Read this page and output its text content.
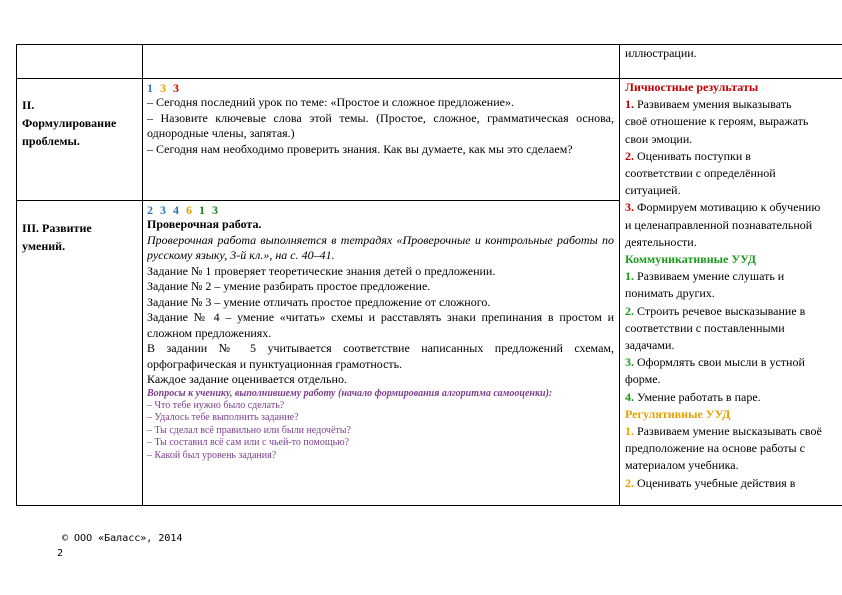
иллюстрации.

II.
Формулирование
проблемы.
1 3 3

– Сегодня последний урок по теме: «Простое и сложное предложение».

– Назовите ключевые слова этой темы. (Простое, сложное, грамматическая основа, однородные члены, запятая.)

– Сегодня нам необходимо проверить знания. Как вы думаете, как мы это сделаем?

Личностные результаты

1. Развиваем умения выказывать

своё отношение к героям, выражать

свои эмоции.

2. Оценивать поступки в

соответствии с определённой

ситуацией.

3. Формируем мотивацию к обучению

и целенаправленной познавательной

деятельности.

Коммуникативные УУД

1. Развиваем умение слушать и

понимать других.

2. Строить речевое высказывание в

соответствии с поставленными

задачами.

3. Оформлять свои мысли в устной

форме.

4. Умение работать в паре.

Регулятивные УУД

1. Развиваем умение высказывать своё

предположение на основе работы с

материалом учебника.

2. Оценивать учебные действия в

III. Развитие
умений.
2 3 4 6 1 3

Проверочная работа.

Проверочная работа выполняется в тетрадях «Проверочные и контрольные работы по русскому языку, 3-й кл.», на с. 40–41.

Задание № 1 проверяет теоретические знания детей о предложении.

Задание № 2 – умение разбирать простое предложение.

Задание № 3 – умение отличать простое предложение от сложного.

Задание № 4 – умение «читать» схемы и расставлять знаки препинания в простом и сложном предложениях.

В задании № 5 учитывается соответствие написанных предложений схемам, орфографическая и пунктуационная грамотность.

Каждое задание оценивается отдельно.

Вопросы к ученику, выполнившему работу (начало формирования алгоритма самооценки):

– Что тебе нужно было сделать?

– Удалось тебе выполнить задание?

– Ты сделал всё правильно или были недочёты?

– Ты составил всё сам или с чьей-то помощью?

– Какой был уровень задания?

© ООО «Баласс», 2014
2
